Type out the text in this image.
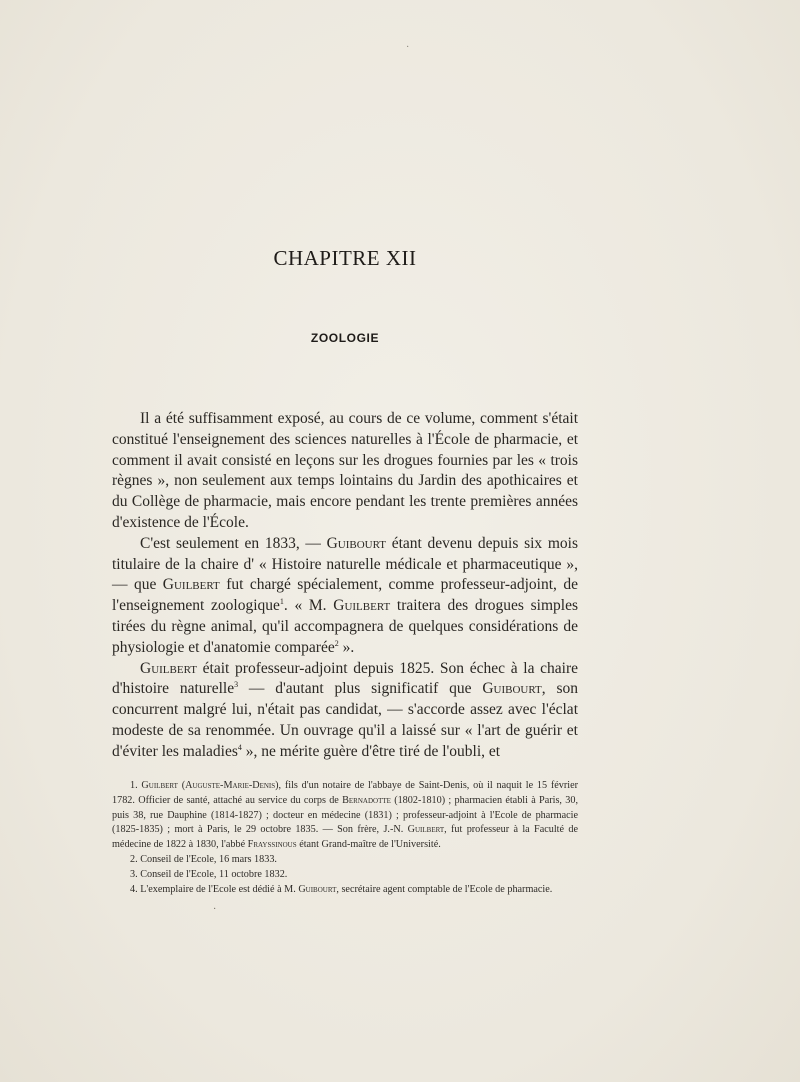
·
·
CHAPITRE XII
ZOOLOGIE

Il a été suffisamment exposé, au cours de ce volume, comment s'était constitué l'enseignement des sciences naturelles à l'École de pharmacie, et comment il avait consisté en leçons sur les drogues fournies par les « trois règnes », non seulement aux temps lointains du Jardin des apothicaires et du Collège de pharmacie, mais encore pendant les trente premières années d'existence de l'École.

C'est seulement en 1833, — Guibourt étant devenu depuis six mois titulaire de la chaire d' « Histoire naturelle médicale et pharmaceutique », — que Guilbert fut chargé spécialement, comme professeur-adjoint, de l'enseignement zoologique$^1$. « M. Guilbert traitera des drogues simples tirées du règne animal, qu'il accompagnera de quelques considérations de physiologie et d'anatomie comparée$^2$ ».

Guilbert était professeur-adjoint depuis 1825. Son échec à la chaire d'histoire naturelle$^3$ — d'autant plus significatif que Guibourt, son concurrent malgré lui, n'était pas candidat, — s'accorde assez avec l'éclat modeste de sa renommée. Un ouvrage qu'il a laissé sur « l'art de guérir et d'éviter les maladies$^4$ », ne mérite guère d'être tiré de l'oubli, et

1. Guilbert (Auguste-Marie-Denis), fils d'un notaire de l'abbaye de Saint-Denis, où il naquit le 15 février 1782. Officier de santé, attaché au service du corps de Bernadotte (1802-1810) ; pharmacien établi à Paris, 30, puis 38, rue Dauphine (1814-1827) ; docteur en médecine (1831) ; professeur-adjoint à l'Ecole de pharmacie (1825-1835) ; mort à Paris, le 29 octobre 1835. — Son frère, J.-N. Guilbert, fut professeur à la Faculté de médecine de 1822 à 1830, l'abbé Frayssinous étant Grand-maître de l'Université.

2. Conseil de l'Ecole, 16 mars 1833.

3. Conseil de l'Ecole, 11 octobre 1832.

4. L'exemplaire de l'Ecole est dédié à M. Guibourt, secrétaire agent comptable de l'Ecole de pharmacie.
